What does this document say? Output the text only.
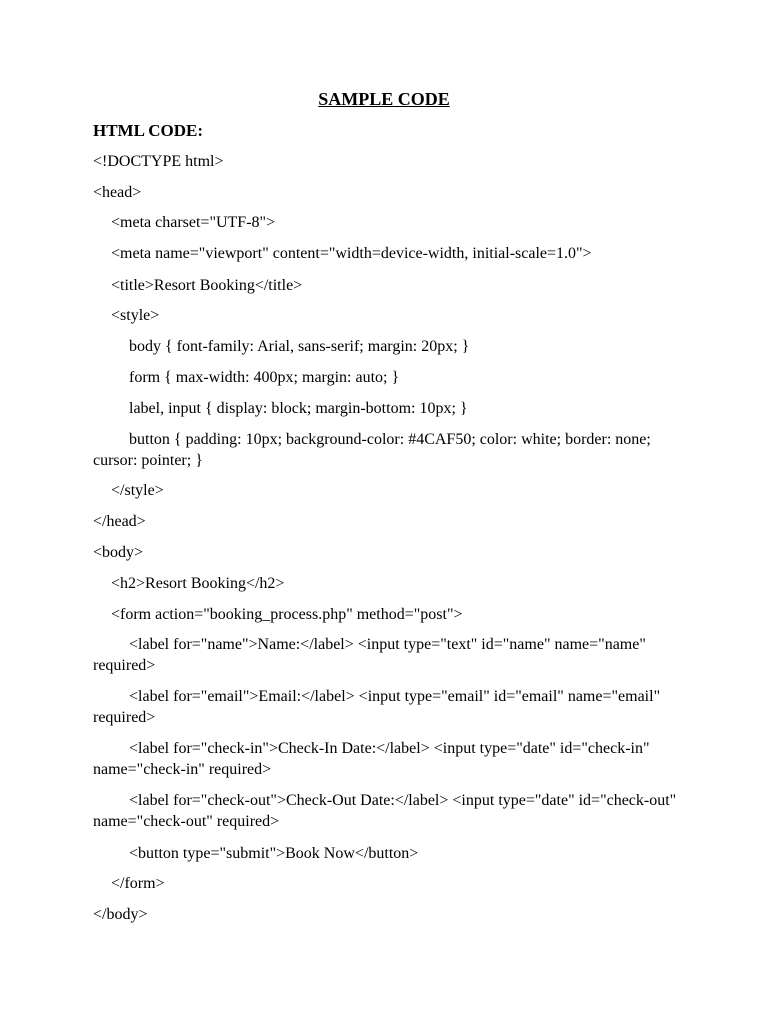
SAMPLE CODE
HTML CODE:
<!DOCTYPE html>
<head>
<meta charset="UTF-8">
<meta name="viewport" content="width=device-width, initial-scale=1.0">
<title>Resort Booking</title>
<style>
body { font-family: Arial, sans-serif; margin: 20px; }
form { max-width: 400px; margin: auto; }
label, input { display: block; margin-bottom: 10px; }
button { padding: 10px; background-color: #4CAF50; color: white; border: none; cursor: pointer; }
</style>
</head>
<body>
<h2>Resort Booking</h2>
<form action="booking_process.php" method="post">
<label for="name">Name:</label> <input type="text" id="name" name="name" required>
<label for="email">Email:</label> <input type="email" id="email" name="email" required>
<label for="check-in">Check-In Date:</label> <input type="date" id="check-in" name="check-in" required>
<label for="check-out">Check-Out Date:</label> <input type="date" id="check-out" name="check-out" required>
<button type="submit">Book Now</button>
</form>
</body>
